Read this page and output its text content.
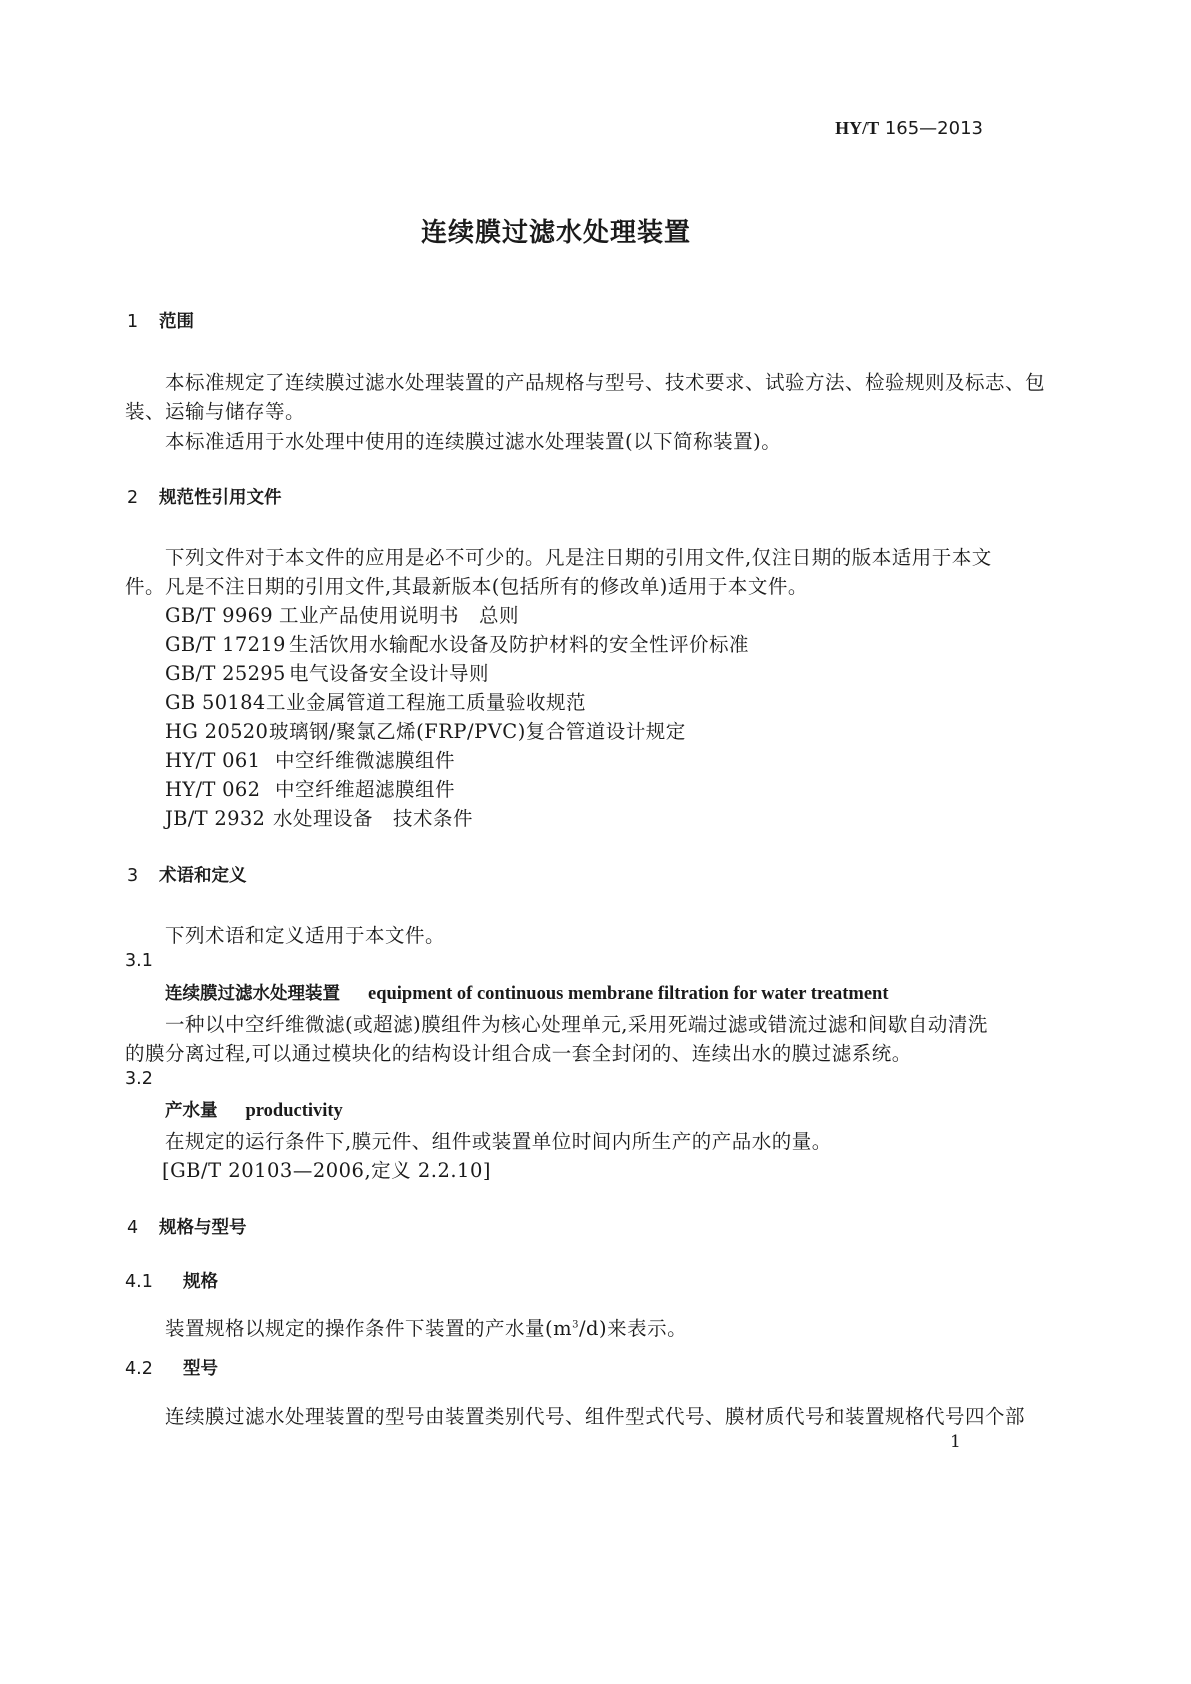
HY/T 165—2013
连续膜过滤水处理装置
1 范围
本标准规定了连续膜过滤水处理装置的产品规格与型号、技术要求、试验方法、检验规则及标志、包
装、运输与储存等。
本标准适用于水处理中使用的连续膜过滤水处理装置(以下简称装置)。
2 规范性引用文件
下列文件对于本文件的应用是必不可少的。凡是注日期的引用文件,仅注日期的版本适用于本文
件。凡是不注日期的引用文件,其最新版本(包括所有的修改单)适用于本文件。
GB/T 9969 工业产品使用说明书　总则
GB/T 17219 生活饮用水输配水设备及防护材料的安全性评价标准
GB/T 25295 电气设备安全设计导则
GB 50184工业金属管道工程施工质量验收规范
HG 20520玻璃钢/聚氯乙烯(FRP/PVC)复合管道设计规定
HY/T 061 中空纤维微滤膜组件
HY/T 062 中空纤维超滤膜组件
JB/T 2932 水处理设备　技术条件
3 术语和定义
下列术语和定义适用于本文件。
3.1
连续膜过滤水处理装置 equipment of continuous membrane filtration for water treatment
一种以中空纤维微滤(或超滤)膜组件为核心处理单元,采用死端过滤或错流过滤和间歇自动清洗
的膜分离过程,可以通过模块化的结构设计组合成一套全封闭的、连续出水的膜过滤系统。
3.2
产水量 productivity
在规定的运行条件下,膜元件、组件或装置单位时间内所生产的产品水的量。
[GB/T 20103—2006,定义 2.2.10]
4 规格与型号
4.1 规格
装置规格以规定的操作条件下装置的产水量$(m^3/d)$来表示。
4.2 型号
连续膜过滤水处理装置的型号由装置类别代号、组件型式代号、膜材质代号和装置规格代号四个部
1
